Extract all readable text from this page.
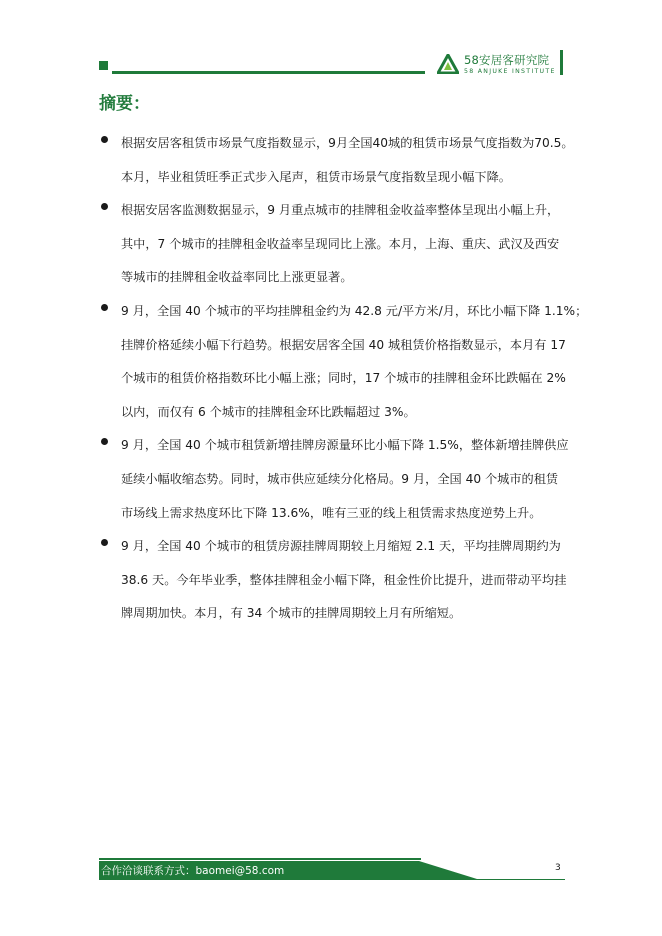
58安居客研究院
58 ANJUKE INSTITUTE
摘要：
根据安居客租赁市场景气度指数显示，9月全国40城的租赁市场景气度指数为70.5。
本月，毕业租赁旺季正式步入尾声，租赁市场景气度指数呈现小幅下降。
根据安居客监测数据显示，9 月重点城市的挂牌租金收益率整体呈现出小幅上升，
其中，7 个城市的挂牌租金收益率呈现同比上涨。本月，上海、重庆、武汉及西安
等城市的挂牌租金收益率同比上涨更显著。
9 月，全国 40 个城市的平均挂牌租金约为 42.8 元/平方米/月，环比小幅下降 1.1%；
挂牌价格延续小幅下行趋势。根据安居客全国 40 城租赁价格指数显示，本月有 17
个城市的租赁价格指数环比小幅上涨；同时，17 个城市的挂牌租金环比跌幅在 2%
以内，而仅有 6 个城市的挂牌租金环比跌幅超过 3%。
9 月，全国 40 个城市租赁新增挂牌房源量环比小幅下降 1.5%，整体新增挂牌供应
延续小幅收缩态势。同时，城市供应延续分化格局。9 月，全国 40 个城市的租赁
市场线上需求热度环比下降 13.6%，唯有三亚的线上租赁需求热度逆势上升。
9 月，全国 40 个城市的租赁房源挂牌周期较上月缩短 2.1 天，平均挂牌周期约为
38.6 天。今年毕业季，整体挂牌租金小幅下降，租金性价比提升，进而带动平均挂
牌周期加快。本月，有 34 个城市的挂牌周期较上月有所缩短。
合作洽谈联系方式：baomei@58.com	3
